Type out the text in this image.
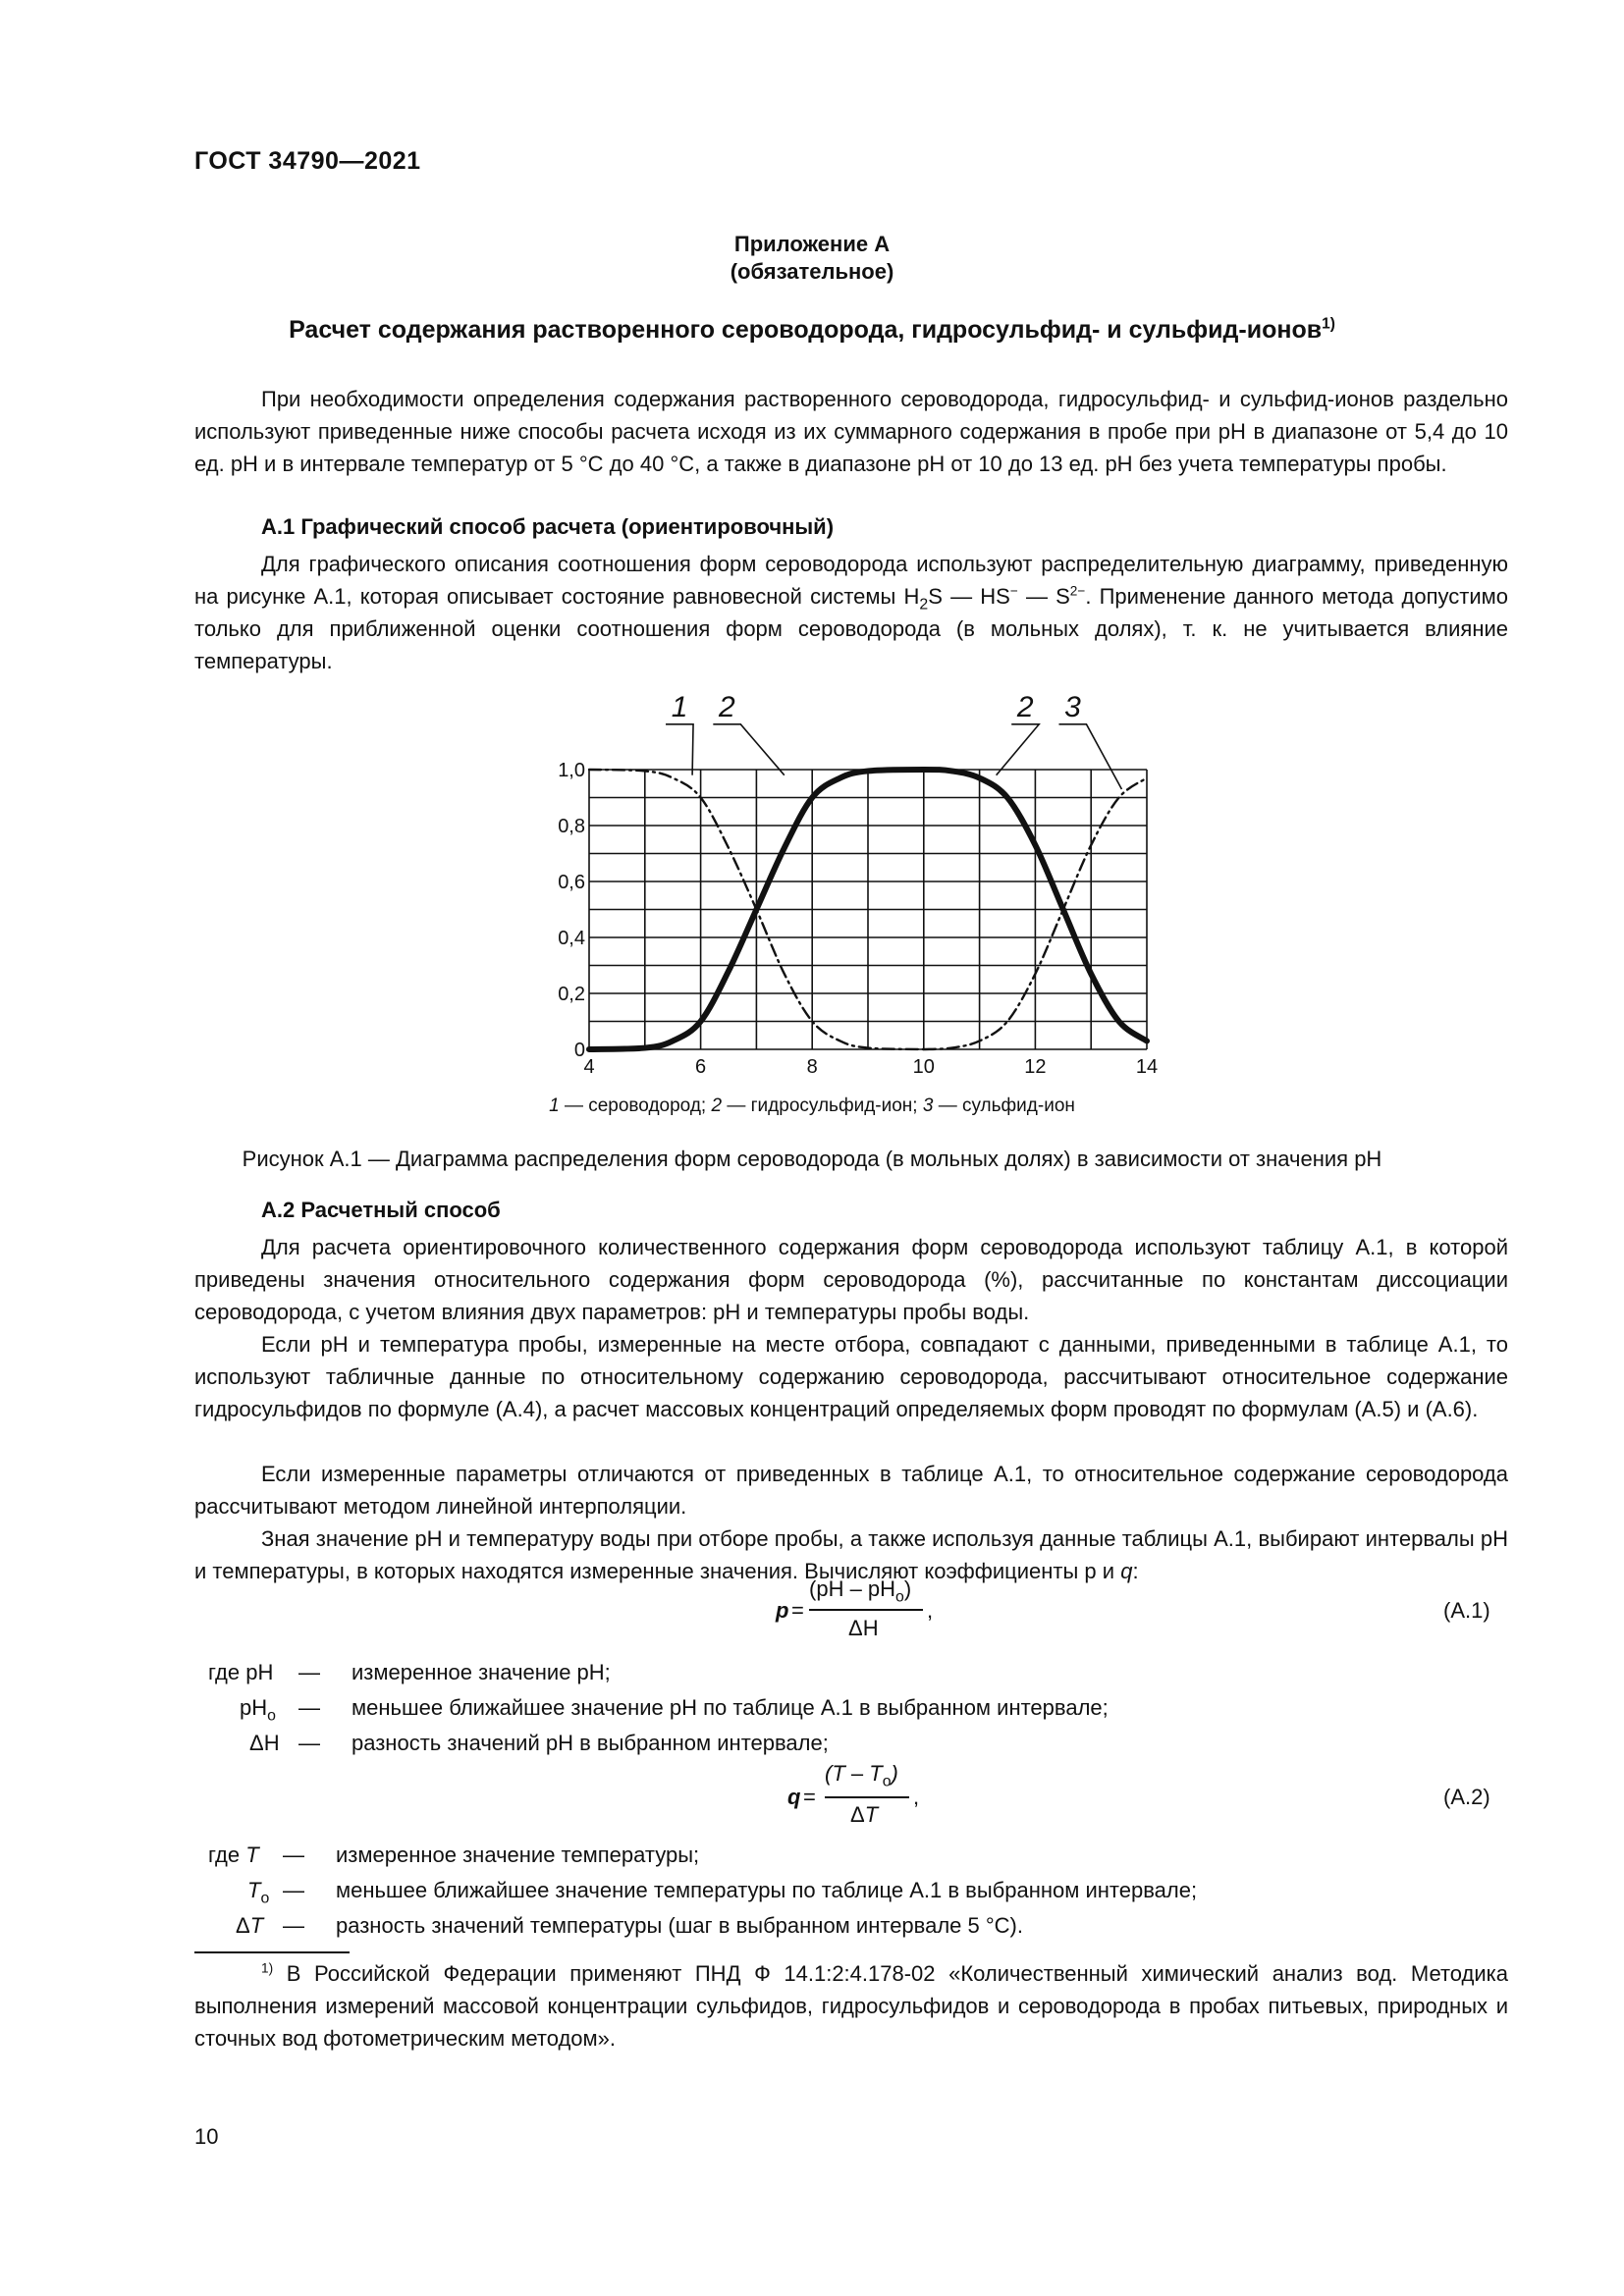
ГОСТ 34790—2021
Приложение А
(обязательное)
Расчет содержания растворенного сероводорода, гидросульфид- и сульфид-ионов$^{1)}$
При необходимости определения содержания растворенного сероводорода, гидросульфид- и сульфид-ионов раздельно используют приведенные ниже способы расчета исходя из их суммарного содержания в пробе при pH в диапазоне от 5,4 до 10 ед. pH и в интервале температур от 5 °С до 40 °С, а также в диапазоне pH от 10 до 13 ед. pH без учета температуры пробы.
А.1 Графический способ расчета (ориентировочный)
Для графического описания соотношения форм сероводорода используют распределительную диаграмму, приведенную на рисунке А.1, которая описывает состояние равновесной системы $H_2S$ — HS− — $S^{2-}$. Применение данного метода допустимо только для приближенной оценки соотношения форм сероводорода (в мольных долях), т. к. не учитывается влияние температуры.
4	6	8	10	12	14
0
0,2
0,4
0,6
0,8
1,0
1 2	2 3
1 — сероводород; 2 — гидросульфид-ион; 3 — сульфид-ион
Рисунок А.1 — Диаграмма распределения форм сероводорода (в мольных долях) в зависимости от значения pH
А.2 Расчетный способ
Для расчета ориентировочного количественного содержания форм сероводорода используют таблицу А.1, в которой приведены значения относительного содержания форм сероводорода (%), рассчитанные по константам диссоциации сероводорода, с учетом влияния двух параметров: pH и температуры пробы воды.
Если pH и температура пробы, измеренные на месте отбора, совпадают с данными, приведенными в таблице А.1, то используют табличные данные по относительному содержанию сероводорода, рассчитывают относительное содержание гидросульфидов по формуле (А.4), а расчет массовых концентраций определяемых форм проводят по формулам (А.5) и (А.6).
Если измеренные параметры отличаются от приведенных в таблице А.1, то относительное содержание сероводорода рассчитывают методом линейной интерполяции.
Зная значение pH и температуру воды при отборе пробы, а также используя данные таблицы А.1, выбирают интервалы pH и температуры, в которых находятся измеренные значения. Вычисляют коэффициенты p и q:
p =
$(pH - pH_o)$
ΔH
,	(А.1)
где pH — измеренное значение pH;
$pH_o$ — меньшее ближайшее значение pH по таблице А.1 в выбранном интервале;
ΔH — разность значений pH в выбранном интервале;
q =
$(T - T_o)$
ΔT
,	(А.2)
где T — измеренное значение температуры;
$T_o$ — меньшее ближайшее значение температуры по таблице А.1 в выбранном интервале;
ΔT — разность значений температуры (шаг в выбранном интервале 5 °С).
$^{1)}$ В Российской Федерации применяют ПНД Ф 14.1:2:4.178-02 «Количественный химический анализ вод. Методика выполнения измерений массовой концентрации сульфидов, гидросульфидов и сероводорода в пробах питьевых, природных и сточных вод фотометрическим методом».
10
